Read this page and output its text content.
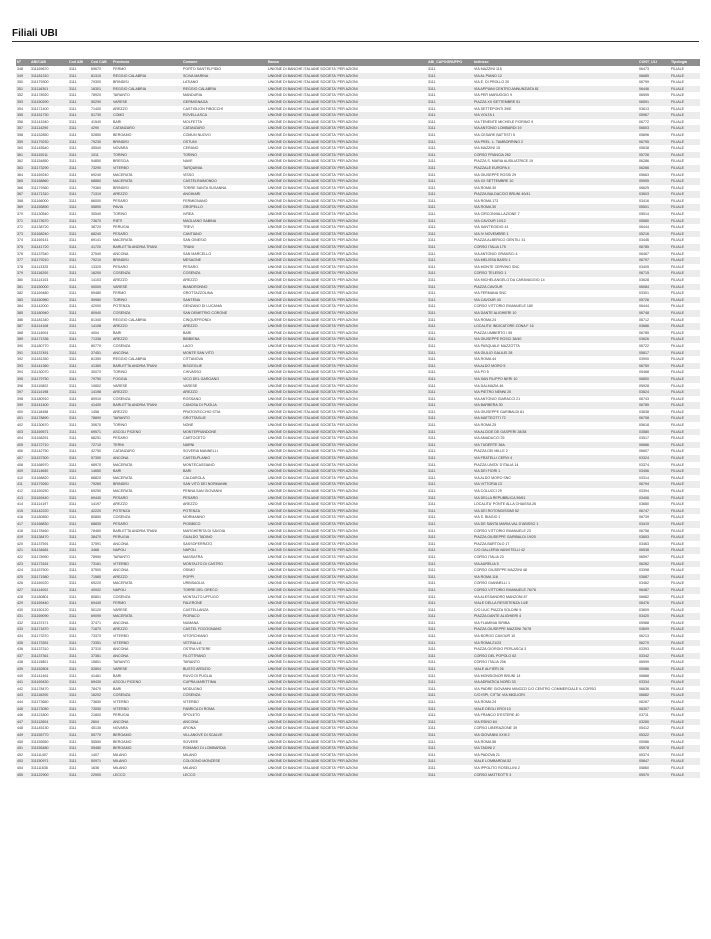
Filiali UBI
N°	ABI/CAB	Cod ABI	Cod CAB	Provincia	Comune	Banca	ABI_CAPOGRUPPO	Indirizzo	CONT_ULI	Tipologia
348	311169670	3111	69670	FERMO	PORTO SANT'ELPIDIO	UNIONE DI BANCHE ITALIANE SOCIETA' PER AZIONI	3111	VIA MAZZINI 115	06473	FILIALE
349	311181310	3111	81310	REGGIO CALABRIA	SCIVA MARINA	UNIONE DI BANCHE ITALIANE SOCIETA' PER AZIONI	3111	VIA AL PIANO 12	06685	FILIALE
350	311179300	3111	79300	BRINDISI	LATIANO	UNIONE DI BANCHE ITALIANE SOCIETA' PER AZIONI	3111	VIA E. DI PROLLO 20	06799	FILIALE
351	311116301	3111	16301	REGGIO CALABRIA	REGGIO CALABRIA	UNIONE DI BANCHE ITALIANE SOCIETA' PER AZIONI	3111	VIA APPIANI CENTRO ANNUNZIATA 81	06446	FILIALE
352	311178920	3111	78920	TARANTO	MANDURIA	UNIONE DI BANCHE ITALIANE SOCIETA' PER AZIONI	3111	VIA PER MARUGGIO 9	06595	FILIALE
353	311150290	3111	50290	VARESE	GERMIGNAGA	UNIONE DI BANCHE ITALIANE SOCIETA' PER AZIONI	3111	PIAZZA XX SETTEMBRE 51	06591	FILIALE
354	311171400	3111	71400	AREZZO	CASTIGLION FIBOCCHI	UNIONE DI BANCHE ITALIANE SOCIETA' PER AZIONI	3111	VIA SETTEPONTI 39/E	03613	FILIALE
355	311151730	3111	51730	COMO	ROVELLASCA	UNIONE DI BANCHE ITALIANE SOCIETA' PER AZIONI	3111	VIA VOLTA 1	05967	FILIALE
356	311141540	3111	41540	BARI	MOLFETTA	UNIONE DI BANCHE ITALIANE SOCIETA' PER AZIONI	3111	VIA TENENTE MICHELE FIORINO 9	06772	FILIALE
357	311114290	3111	4290	CATANZARO	CATANZARO	UNIONE DI BANCHE ITALIANE SOCIETA' PER AZIONI	3111	VIA ANTONIO LOMBARDI 19	06603	FILIALE
358	311152850	3111	52850	BERGAMO	COMUN NUOVO	UNIONE DI BANCHE ITALIANE SOCIETA' PER AZIONI	3111	VIA CESARE BATTISTI 5	05896	FILIALE
359	311179230	3111	79230	BRINDISI	OSTUNI	UNIONE DI BANCHE ITALIANE SOCIETA' PER AZIONI	3111	VIA PREL. L. TAMBORRINO 2	06795	FILIALE
360	311145540	3111	45540	NOVARA	CERANO	UNIONE DI BANCHE ITALIANE SOCIETA' PER AZIONI	3111	VIA MAZZINI 15	05638	FILIALE
361	311110011	3111	1011	TORINO	TORINO	UNIONE DI BANCHE ITALIANE SOCIETA' PER AZIONI	3111	CORSO FRANCIA 262	05726	FILIALE
362	311154850	3111	54850	BRESCIA	NAVE	UNIONE DI BANCHE ITALIANE SOCIETA' PER AZIONI	3111	PIAZZA S. MARIA AUSILIATRICE 19	06286	FILIALE
363	311173290	3111	73290	VITERBO	TARQUINIA	UNIONE DI BANCHE ITALIANE SOCIETA' PER AZIONI	3111	PIAZZALE EUROPA 4	06266	FILIALE
364	311169240	3111	69240	MACERATA	VISSO	UNIONE DI BANCHE ITALIANE SOCIETA' PER AZIONI	3111	VIA GIUSEPPE ROSSI 29	05663	FILIALE
365	311168860	3111	68860	MACERATA	CASTELRAIMONDO	UNIONE DI BANCHE ITALIANE SOCIETA' PER AZIONI	3111	VIA XX SETTEMBRE 10	05905	FILIALE
366	311179360	3111	79360	BRINDISI	TORRE SANTA SUSANNA	UNIONE DI BANCHE ITALIANE SOCIETA' PER AZIONI	3111	VIA ROMA 30	06625	FILIALE
367	311171310	3111	71310	AREZZO	ANGHIARI	UNIONE DI BANCHE ITALIANE SOCIETA' PER AZIONI	3111	PIAZZA BALDACCIO BRUNI 40/41	03603	FILIALE
368	311166000	3111	66000	PESARO	FERMIGNANO	UNIONE DI BANCHE ITALIANE SOCIETA' PER AZIONI	3111	VIA ROMA 173	03416	FILIALE
369	311155890	3111	55890	PAVIA	GROPELLO	UNIONE DI BANCHE ITALIANE SOCIETA' PER AZIONI	3111	VIA ROMA 30	05501	FILIALE
370	311130540	3111	30540	TORINO	IVREA	UNIONE DI BANCHE ITALIANE SOCIETA' PER AZIONI	3111	VIA CIRCONVALLAZIONE 7	05514	FILIALE
371	311173670	3111	73670	RIETI	MAGLIANO SABINA	UNIONE DI BANCHE ITALIANE SOCIETA' PER AZIONI	3111	VIA CAVOUR 10/12	05580	FILIALE
372	311138720	3111	38720	PERUGIA	TREVI	UNIONE DI BANCHE ITALIANE SOCIETA' PER AZIONI	3111	VIA SANT'EGIDIO 41	06444	FILIALE
373	311168240	3111	68240	PESARO	CANTIANO	UNIONE DI BANCHE ITALIANE SOCIETA' PER AZIONI	3111	VIA IV NOVEMBRE 1	05216	FILIALE
374	311169141	3111	69141	MACERATA	SAN GINESIO	UNIONE DI BANCHE ITALIANE SOCIETA' PER AZIONI	3111	PIAZZA ALBERICO GENTILI 31	03446	FILIALE
375	311141720	3111	41720	BARLETTA ANDRIA TRANI	TRANI	UNIONE DI BANCHE ITALIANE SOCIETA' PER AZIONI	3111	CORSO ITALIA 175	06785	FILIALE
376	311137540	3111	37540	ANCONA	SAN MARCELLO	UNIONE DI BANCHE ITALIANE SOCIETA' PER AZIONI	3111	VIA ANTONIO GRAMSCI 4	06467	FILIALE
377	311179210	3111	79210	BRINDISI	MESAGNE	UNIONE DI BANCHE ITALIANE SOCIETA' PER AZIONI	3111	VIA MELISSA BASSI 1	06797	FILIALE
378	311113325	3111	13325	PESARO	PESARO	UNIONE DI BANCHE ITALIANE SOCIETA' PER AZIONI	3111	VIA MONTE CERVINO SNC	03405	FILIALE
379	311116200	3111	16200	COSENZA	COSENZA	UNIONE DI BANCHE ITALIANE SOCIETA' PER AZIONI	3111	CORSO TELESIO 1	06715	FILIALE
380	311114103	3111	14103	AREZZO	AREZZO	UNIONE DI BANCHE ITALIANE SOCIETA' PER AZIONI	3111	VIA MICHELANGELO DA CARAVAGGIO 14	03628	FILIALE
381	311150000	3111	50000	VARESE	BIANDRONNO	UNIONE DI BANCHE ITALIANE SOCIETA' PER AZIONI	3111	PIAZZA CAVOUR	06084	FILIALE
382	311169480	3111	69480	FERMO	GROTTAZZOLINA	UNIONE DI BANCHE ITALIANE SOCIETA' PER AZIONI	3111	VIA FERMANA SNC	03301	FILIALE
383	311150980	3111	50980	TORINO	SANTENA	UNIONE DI BANCHE ITALIANE SOCIETA' PER AZIONI	3111	VIA CAVOUR 43	05726	FILIALE
384	311142000	3111	42000	POTENZA	GENZANO DI LUCANIA	UNIONE DI BANCHE ITALIANE SOCIETA' PER AZIONI	3111	CORSO VITTORIO EMANUELE 180	06444	FILIALE
385	311180940	3111	80940	COSENZA	SAN DEMETRIO CORONE	UNIONE DI BANCHE ITALIANE SOCIETA' PER AZIONI	3111	VIA DANTE ALIGHIERI 10	06748	FILIALE
386	311181340	3111	81340	REGGIO CALABRIA	CINQUEFRONDI	UNIONE DI BANCHE ITALIANE SOCIETA' PER AZIONI	3111	VIA ROMA 24	06712	FILIALE
387	311114108	3111	14108	AREZZO	AREZZO	UNIONE DI BANCHE ITALIANE SOCIETA' PER AZIONI	3111	LOCALITA' INDICATORE ZONA F 16	03686	FILIALE
388	311114004	3111	4004	BARI	BARI	UNIONE DI BANCHE ITALIANE SOCIETA' PER AZIONI	3111	PIAZZA UMBERTO I 55	06785	FILIALE
389	311171336	3111	71336	AREZZO	BIBBIENA	UNIONE DI BANCHE ITALIANE SOCIETA' PER AZIONI	3111	VIA GIUSEPPE ROSCI 38/40	03626	FILIALE
390	311180770	3111	80770	COSENZA	LAGO	UNIONE DI BANCHE ITALIANE SOCIETA' PER AZIONI	3111	VIA PASQUALE MAZZOTTA	06722	FILIALE
391	311137451	3111	37451	ANCONA	MONTE SAN VITO	UNIONE DI BANCHE ITALIANE SOCIETA' PER AZIONI	3111	VIA GIULIO GALILEI 28	05817	FILIALE
392	311181350	3111	81350	REGGIO CALABRIA	CITTANOVA	UNIONE DI BANCHE ITALIANE SOCIETA' PER AZIONI	3111	VIA ROMA 44	03900	FILIALE
393	311141360	3111	41360	BARLETTA ANDRIA TRANI	BISCEGLIE	UNIONE DI BANCHE ITALIANE SOCIETA' PER AZIONI	3111	VIA ALDO MORO 5	06759	FILIALE
394	311130070	3111	30070	TORINO	CHIVASSO	UNIONE DI BANCHE ITALIANE SOCIETA' PER AZIONI	3111	VIA PO 5	05468	FILIALE
395	311179750	3111	79750	FOGGIA	VICO DEL GARGANO	UNIONE DI BANCHE ITALIANE SOCIETA' PER AZIONI	3111	VIA SAN FILIPPO NERI 10	06800	FILIALE
396	311110802	3111	10802	VARESE	VARESE	UNIONE DI BANCHE ITALIANE SOCIETA' PER AZIONI	3111	VIA DALMAZIA 46	05928	FILIALE
397	311114198	3111	14198	AREZZO	AREZZO	UNIONE DI BANCHE ITALIANE SOCIETA' PER AZIONI	3111	VIA PIETRO NENNI 20	03624	FILIALE
398	311180910	3111	80910	COSENZA	ROSSANO	UNIONE DI BANCHE ITALIANE SOCIETA' PER AZIONI	3111	VIA ANTONIO GIARACCI 21	06743	FILIALE
399	311141400	3111	41400	BARLETTA ANDRIA TRANI	CANOSA DI PUGLIA	UNIONE DI BANCHE ITALIANE SOCIETA' PER AZIONI	3111	VIA BARBERA 30	06785	FILIALE
400	311118458	3111	1458	AREZZO	PRATOVECCHIO STIA	UNIONE DI BANCHE ITALIANE SOCIETA' PER AZIONI	3111	VIA GIUSEPPE GARIBALDI 81	03638	FILIALE
401	311178890	3111	78890	TARANTO	GROTTAGLIE	UNIONE DI BANCHE ITALIANE SOCIETA' PER AZIONI	3111	VIA MATTEOTTI 72	06708	FILIALE
402	311130670	3111	30670	TORINO	NONE	UNIONE DI BANCHE ITALIANE SOCIETA' PER AZIONI	3111	VIA ROMA 25	05618	FILIALE
403	311169571	3111	69571	ASCOLI PICENO	MONTEPRANDONE	UNIONE DI BANCHE ITALIANE SOCIETA' PER AZIONI	3111	VIA ALCIDE DE GASPERI 28/38	03580	FILIALE
404	311168251	3111	68251	PESARO	CARTOCETO	UNIONE DI BANCHE ITALIANE SOCIETA' PER AZIONI	3111	VIA AMADUCCI 25	03517	FILIALE
405	311172710	3111	72710	TERNI	NARNI	UNIONE DI BANCHE ITALIANE SOCIETA' PER AZIONI	3111	VIA TUDERTE 36A	06686	FILIALE
406	311142750	3111	42750	CATANZARO	SOVERIA MANNELLI	UNIONE DI BANCHE ITALIANE SOCIETA' PER AZIONI	3111	PIAZZA DEI MILLE 2	06607	FILIALE
407	311157300	3111	57300	ANCONA	CASTELPLANIO	UNIONE DI BANCHE ITALIANE SOCIETA' PER AZIONI	3111	VIA FRATELLI CERVI 4	03324	FILIALE
408	311168970	3111	68970	MACERATA	MONTECASSIANO	UNIONE DI BANCHE ITALIANE SOCIETA' PER AZIONI	3111	PIAZZA UNITA' D'ITALIA 14	03374	FILIALE
409	311114650	3111	14650	BARI	BARI	UNIONE DI BANCHE ITALIANE SOCIETA' PER AZIONI	3111	VIA DEI FIORI 1	03456	FILIALE
410	311168820	3111	68820	MACERATA	CALDAROLA	UNIONE DI BANCHE ITALIANE SOCIETA' PER AZIONI	3111	VIA ALDO MORO SNC	03314	FILIALE
411	311179260	3111	79260	BRINDISI	SAN VITO DEI NORMANNI	UNIONE DI BANCHE ITALIANE SOCIETA' PER AZIONI	3111	VIA VITTORIA 13	06794	FILIALE
412	311169250	3111	69250	MACERATA	PENNA SAN GIOVANNI	UNIONE DI BANCHE ITALIANE SOCIETA' PER AZIONI	3111	VIA COLUCCI 29	03394	FILIALE
413	311169440	3111	69440	PESARO	PESARO	UNIONE DI BANCHE ITALIANE SOCIETA' PER AZIONI	3111	VIA DELLA REPUBBLICA 59/61	03406	FILIALE
414	311114197	3111	14197	AREZZO	AREZZO	UNIONE DI BANCHE ITALIANE SOCIETA' PER AZIONI	3111	LOCALITA' PONTE ALLA CHIASSA 26	03680	FILIALE
415	311142220	3111	42220	POTENZA	POTENZA	UNIONE DI BANCHE ITALIANE SOCIETA' PER AZIONI	3111	VIA DEI ROTONDISSIMI 52	06747	FILIALE
416	311180850	3111	80850	COSENZA	MORMANNO	UNIONE DI BANCHE ITALIANE SOCIETA' PER AZIONI	3111	VIA S. BIAGIO 1	06739	FILIALE
417	311168830	3111	68830	PESARO	PIOBBICO	UNIONE DI BANCHE ITALIANE SOCIETA' PER AZIONI	3111	VIA DE SANTA MARIA VAL D'ABISSO 1	03419	FILIALE
418	311178460	3111	78460	BARLETTA ANDRIA TRANI	MARGHERITA DI SAVOIA	UNIONE DI BANCHE ITALIANE SOCIETA' PER AZIONI	3111	CORSO VITTORIO EMANUELE 23	06758	FILIALE
419	311138470	3111	38470	PERUGIA	GUALDO TADINO	UNIONE DI BANCHE ITALIANE SOCIETA' PER AZIONI	3111	PIAZZA GIUSEPPE GARIBALDI 19/20	03653	FILIALE
420	311137591	3111	37591	ANCONA	SASSOFERRATO	UNIONE DI BANCHE ITALIANE SOCIETA' PER AZIONI	3111	PIAZZA BARTOLO 17	03463	FILIALE
421	311134681	3111	3468	NAPOLI	NAPOLI	UNIONE DI BANCHE ITALIANE SOCIETA' PER AZIONI	3111	C/O GALLERIA VANVITELLI 42	06538	FILIALE
422	311178950	3111	78950	TARANTO	MASSAFRA	UNIONE DI BANCHE ITALIANE SOCIETA' PER AZIONI	3111	CORSO ITALIA 23	06597	FILIALE
423	311173161	3111	73161	VITERBO	MONTALTO DI CASTRO	UNIONE DI BANCHE ITALIANE SOCIETA' PER AZIONI	3111	VIA AURELIA 5	06262	FILIALE
424	311157500	3111	57500	ANCONA	OSIMO	UNIONE DI BANCHE ITALIANE SOCIETA' PER AZIONI	3111	CORSO GIUSEPPE MAZZINI 48	03398	FILIALE
425	311171580	3111	71580	AREZZO	POPPI	UNIONE DI BANCHE ITALIANE SOCIETA' PER AZIONI	3111	VIA ROMA 118	03687	FILIALE
426	311169220	3111	69220	MACERATA	URBISAGLIA	UNIONE DI BANCHE ITALIANE SOCIETA' PER AZIONI	3111	CORSO GIANNELLI 1	03462	FILIALE
427	311114002	3111	40002	NAPOLI	TORRE DEL GRECO	UNIONE DI BANCHE ITALIANE SOCIETA' PER AZIONI	3111	CORSO VITTORIO EMANUELE 76/78	06487	FILIALE
428	311180801	3111	80801	COSENZA	MONTALTO UFFUGO	UNIONE DI BANCHE ITALIANE SOCIETA' PER AZIONI	3111	VIA ALESSANDRO MANZONI 87	06682	FILIALE
429	311169440	3111	69440	FERMO	FALERONE	UNIONE DI BANCHE ITALIANE SOCIETA' PER AZIONI	3111	VIALE DELLA RESISTENZA 14/E	06476	FILIALE
430	311150120	3111	50120	VARESE	CASTELLANZA	UNIONE DI BANCHE ITALIANE SOCIETA' PER AZIONI	3111	C/O LIUC PIAZZA SOLDINI 5	03609	FILIALE
431	311169090	3111	69090	MACERATA	PIORACO	UNIONE DI BANCHE ITALIANE SOCIETA' PER AZIONI	3111	PIAZZA DANTE ALIGHIERI 4	03420	FILIALE
432	311137471	3111	37471	ANCONA	NUMANA	UNIONE DI BANCHE ITALIANE SOCIETA' PER AZIONI	3111	VIA FLAMINIA SIRIBA	05988	FILIALE
433	311171870	3111	71870	AREZZO	CASTEL FOCOGNANO	UNIONE DI BANCHE ITALIANE SOCIETA' PER AZIONI	3111	PIAZZA GIUSEPPE MAZZINI 76/78	03609	FILIALE
434	311173370	3111	73370	VITERBO	VITORCHIANO	UNIONE DI BANCHE ITALIANE SOCIETA' PER AZIONI	3111	VIA BORGO CAVOUR 10	06213	FILIALE
435	311173351	3111	73351	VITERBO	VETRALLA	UNIONE DI BANCHE ITALIANE SOCIETA' PER AZIONI	3111	VIA ROMA 21/23	06270	FILIALE
436	311137310	3111	37310	ANCONA	OSTRA VETERE	UNIONE DI BANCHE ITALIANE SOCIETA' PER AZIONI	3111	PIAZZA GIORGIO PERLASCA 3	03393	FILIALE
437	311137361	3111	37361	ANCONA	FILOTTRANO	UNIONE DI BANCHE ITALIANE SOCIETA' PER AZIONI	3111	CORSO DEL POPOLO 62	03342	FILIALE
438	311115801	3111	15801	TARANTO	TARANTO	UNIONE DI BANCHE ITALIANE SOCIETA' PER AZIONI	3111	CORSO ITALIA 206	06599	FILIALE
439	311152804	3111	52804	VARESE	BUSTO ARSIZIO	UNIONE DI BANCHE ITALIANE SOCIETA' PER AZIONI	3111	VIALE ALFIERI 26	05986	FILIALE
440	311141461	3111	41461	BARI	RUVO DI PUGLIA	UNIONE DI BANCHE ITALIANE SOCIETA' PER AZIONI	3111	VIA MONSIGNOR BRUNI 14	06888	FILIALE
441	311169430	3111	69430	ASCOLI PICENO	CUPRA MARITTIMA	UNIONE DI BANCHE ITALIANE SOCIETA' PER AZIONI	3111	VIA ADRIATICA NORD 33	03334	FILIALE
442	311178470	3111	78470	BARI	MODUGNO	UNIONE DI BANCHE ITALIANE SOCIETA' PER AZIONI	3111	VIA PADRE GIOVANNI MINOZZI C/O CENTRO COMMERCIALE IL CORSO	06636	FILIALE
443	311116200	3111	16202	COSENZA	COSENZA	UNIONE DI BANCHE ITALIANE SOCIETA' PER AZIONI	3111	C/O ISPI, CITTA' VIA MIGLIORI	06682	FILIALE
444	311173650	3111	73650	VITERBO	VITERBO	UNIONE DI BANCHE ITALIANE SOCIETA' PER AZIONI	3111	VIA ROMA 24	06287	FILIALE
445	311173050	3111	73050	VITERBO	FABRICA DI ROMA	UNIONE DI BANCHE ITALIANE SOCIETA' PER AZIONI	3111	VIALE DEGLI EROI 10	06307	FILIALE
446	311121800	3111	21800	PERUGIA	SPOLETO	UNIONE DI BANCHE ITALIANE SOCIETA' PER AZIONI	3111	VIA FRANCO D'ESTERE 40	03711	FILIALE
447	311112604	3111	2604	ANCONA	ANCONA	UNIONE DI BANCHE ITALIANE SOCIETA' PER AZIONI	3111	VIA ESINO 64	03280	FILIALE
448	311145130	3111	45130	NOVARA	ARONA	UNIONE DI BANCHE ITALIANE SOCIETA' PER AZIONI	3111	CORSO LIBERAZIONE 39	05412	FILIALE
449	311155770	3111	55770	BERGAMO	VILLANOVE DI SCALVE	UNIONE DI BANCHE ITALIANE SOCIETA' PER AZIONI	3111	VIA GIOVANNI XXIII 2	05322	FILIALE
450	311155550	3111	55550	BERGAMO	SOVERE	UNIONE DI BANCHE ITALIANE SOCIETA' PER AZIONI	3111	VIA ROMA 56	05986	FILIALE
451	311155480	3111	55480	BERGAMO	ROMANO DI LOMBARDIA	UNIONE DI BANCHE ITALIANE SOCIETA' PER AZIONI	3111	VIA TADINI 2	05978	FILIALE
452	311111407	3111	1407	MILANO	MILANO	UNIONE DI BANCHE ITALIANE SOCIETA' PER AZIONI	3111	VIA PADOVA 21	05374	FILIALE
453	311150971	3111	50971	MILANO	COLOGNO MONZESE	UNIONE DI BANCHE ITALIANE SOCIETA' PER AZIONI	3111	VIALE LOMBARDIA 52	05847	FILIALE
454	311111636	3111	1636	MILANO	MILANO	UNIONE DI BANCHE ITALIANE SOCIETA' PER AZIONI	3111	VIA IPPOLITO ROSELLINI 2	05860	FILIALE
455	311122900	3111	22900	LECCO	LECCO	UNIONE DI BANCHE ITALIANE SOCIETA' PER AZIONI	3111	CORSO MATTEOTTI 3	05970	FILIALE
